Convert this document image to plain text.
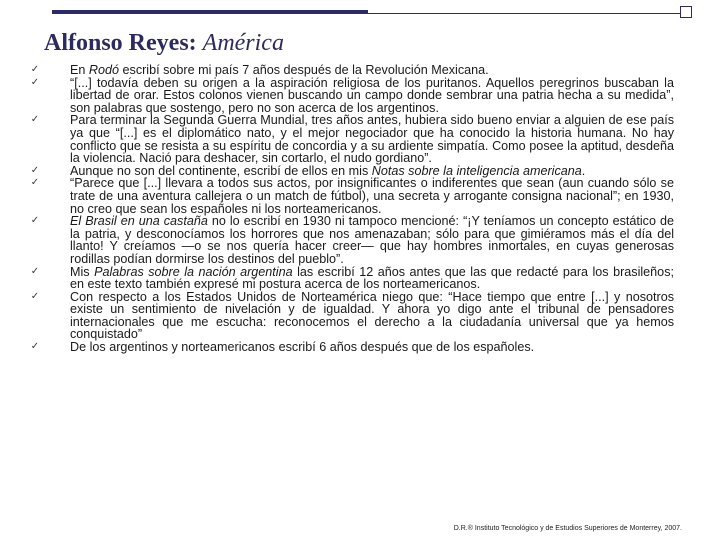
Alfonso Reyes: América
✓ En Rodó escribí sobre mi país 7 años después de la Revolución Mexicana.
✓ “[...] todavía deben su origen a la aspiración religiosa de los puritanos. Aquellos peregrinos buscaban la libertad de orar. Estos colonos vienen buscando un campo donde sembrar una patria hecha a su medida”, son palabras que sostengo, pero no son acerca de los argentinos.
✓ Para terminar la Segunda Guerra Mundial, tres años antes, hubiera sido bueno enviar a alguien de ese país ya que “[...] es el diplomático nato, y el mejor negociador que ha conocido la historia humana. No hay conflicto que se resista a su espíritu de concordia y a su ardiente simpatía. Como posee la aptitud, desdeña la violencia. Nació para deshacer, sin cortarlo, el nudo gordiano”.
✓ Aunque no son del continente, escribí de ellos en mis Notas sobre la inteligencia americana.
✓ “Parece que [...] llevara a todos sus actos, por insignificantes o indiferentes que sean (aun cuando sólo se trate de una aventura callejera o un match de fútbol), una secreta y arrogante consigna nacional”; en 1930, no creo que sean los españoles ni los norteamericanos.
✓ El Brasil en una castaña no lo escribí en 1930 ni tampoco mencioné: “¡Y teníamos un concepto estático de la patria, y desconocíamos los horrores que nos amenazaban; sólo para que gimiéramos más el día del llanto! Y creíamos —o se nos quería hacer creer— que hay hombres inmortales, en cuyas generosas rodillas podían dormirse los destinos del pueblo”.
✓ Mis Palabras sobre la nación argentina las escribí 12 años antes que las que redacté para los brasileños; en este texto también expresé mi postura acerca de los norteamericanos.
✓ Con respecto a los Estados Unidos de Norteamérica niego que: “Hace tiempo que entre [...] y nosotros existe un sentimiento de nivelación y de igualdad. Y ahora yo digo ante el tribunal de pensadores internacionales que me escucha: reconocemos el derecho a la ciudadanía universal que ya hemos conquistado”
✓ De los argentinos y norteamericanos escribí 6 años después que de los españoles.
D.R.® Instituto Tecnológico y de Estudios Superiores de Monterrey, 2007.
